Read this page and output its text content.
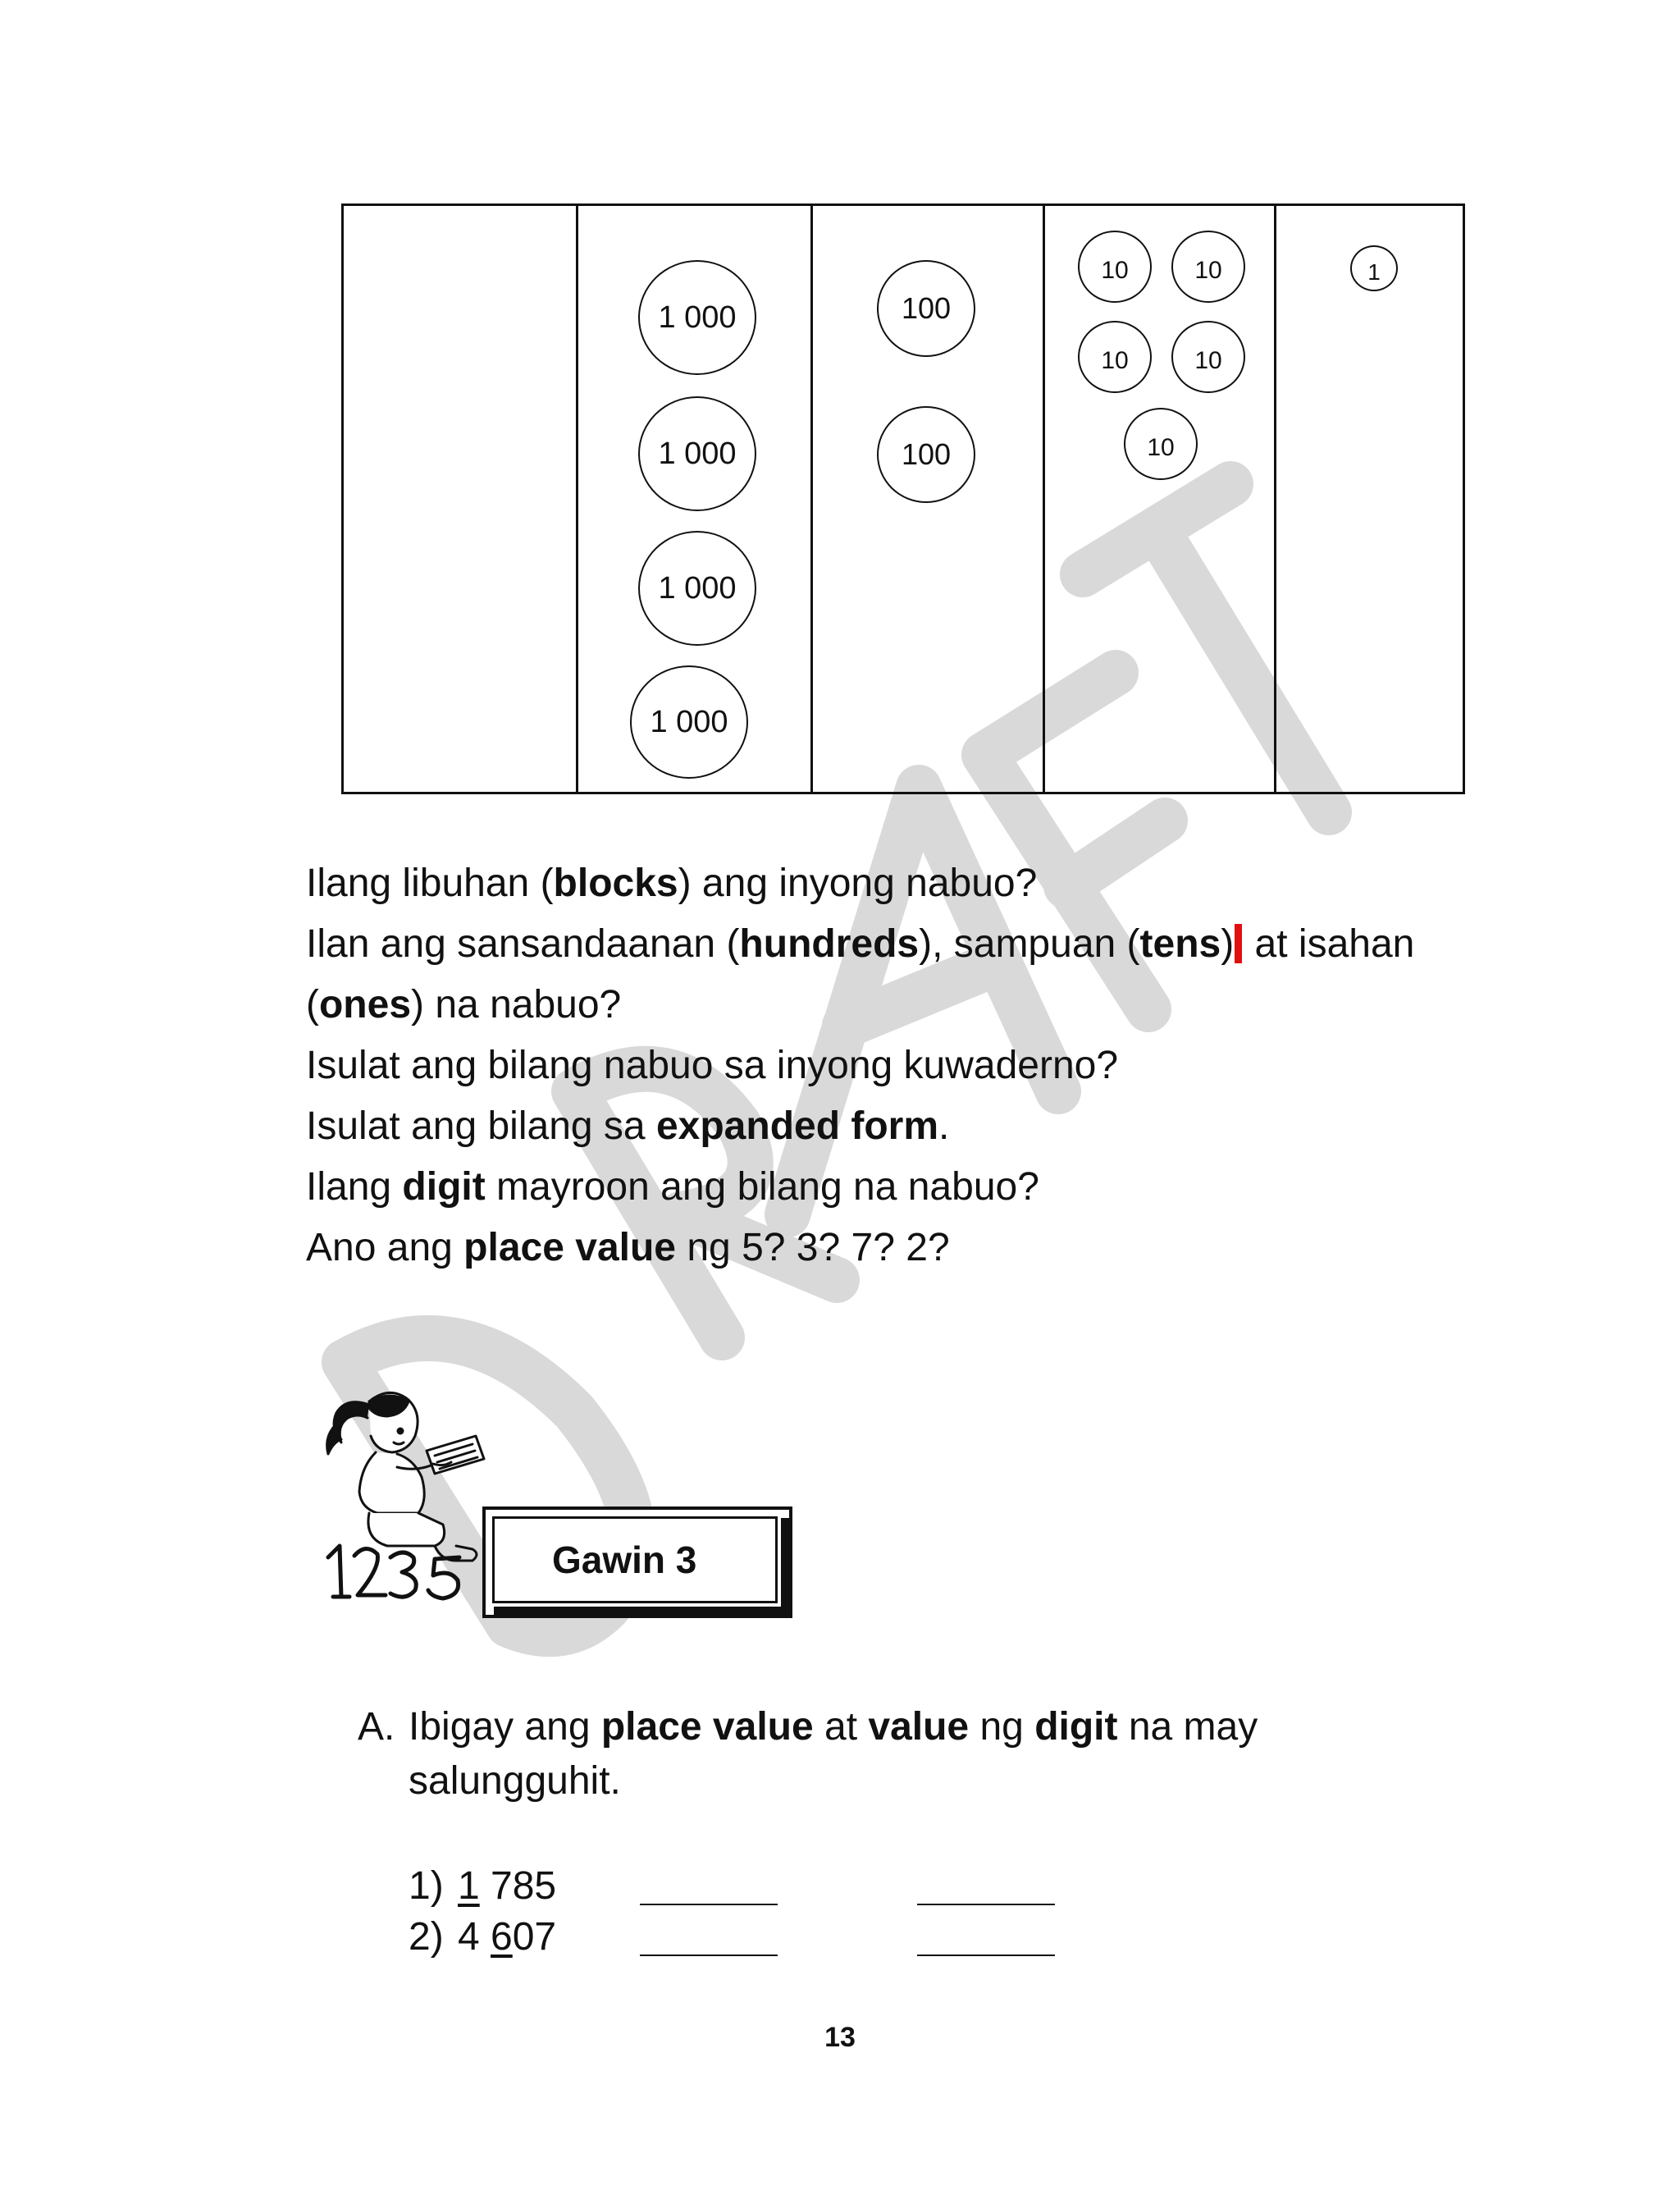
1 000
1 000
1 000
1 000
100
100
10	10
10	10
10
1

Ilang libuhan (blocks) ang inyong nabuo?

Ilan ang sansandaanan (hundreds), sampuan (tens) at isahan

(ones) na nabuo?

Isulat ang bilang nabuo sa inyong kuwaderno?

Isulat ang bilang sa expanded form.

Ilang digit mayroon ang bilang na nabuo?

Ano ang place value ng 5? 3? 7? 2?

Gawin 3
A. Ibigay ang place value at value ng digit na may salungguhit.
1) 1 785
2) 4 607
13
